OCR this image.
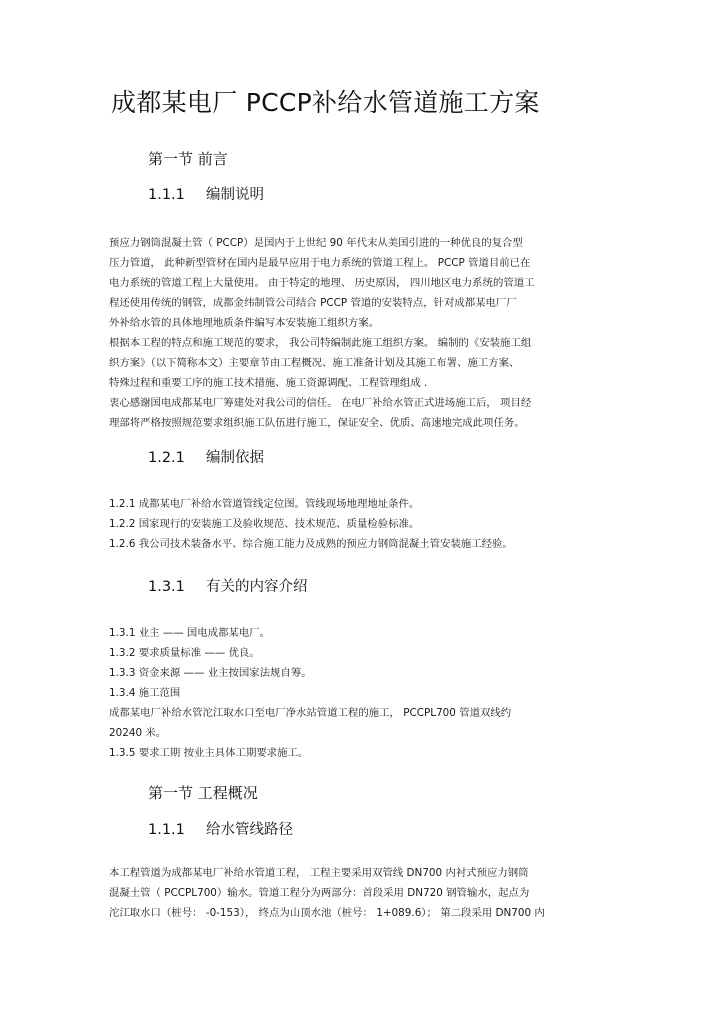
成都某电厂 PCCP补给水管道施工方案
第一节 前言
1.1.1 编制说明
预应力钢筒混凝土管（ PCCP）是国内于上世纪 90 年代末从美国引进的一种优良的复合型
压力管道， 此种新型管材在国内是最早应用于电力系统的管道工程上。 PCCP 管道目前已在
电力系统的管道工程上大量使用。 由于特定的地理、 历史原因， 四川地区电力系统的管道工
程还使用传统的钢管，成都金纬制管公司结合 PCCP 管道的安装特点，针对成都某电厂厂
外补给水管的具体地理地质条件编写本安装施工组织方案。
根据本工程的特点和施工规范的要求， 我公司特编制此施工组织方案。 编制的《安装施工组
织方案》（以下简称本文）主要章节由工程概况、施工准备计划及其施工布署、施工方案、
特殊过程和重要工序的施工技术措施、施工资源调配、工程管理组成 .
衷心感谢国电成都某电厂筹建处对我公司的信任。 在电厂补给水管正式进场施工后， 项目经
理部将严格按照规范要求组织施工队伍进行施工，保证安全、优质、高速地完成此项任务。
1.2.1 编制依据
1.2.1 成都某电厂补给水管道管线定位图。管线现场地理地址条件。
1.2.2 国家现行的安装施工及验收规范、技术规范、质量检验标准。
1.2.6 我公司技术装备水平、综合施工能力及成熟的预应力钢筒混凝土管安装施工经验。
1.3.1 有关的内容介绍
1.3.1 业主 —— 国电成都某电厂。
1.3.2 要求质量标准 —— 优良。
1.3.3 资金来源 —— 业主按国家法规自筹。
1.3.4 施工范围
成都某电厂补给水管沱江取水口至电厂净水站管道工程的施工， PCCPL700 管道双线约
20240 米。
1.3.5 要求工期 按业主具体工期要求施工。
第一节 工程概况
1.1.1 给水管线路径
本工程管道为成都某电厂补给水管道工程， 工程主要采用双管线 DN700 内衬式预应力钢筒
混凝土管（ PCCPL700）输水。管道工程分为两部分：首段采用 DN720 钢管输水，起点为
沱江取水口（桩号： -0-153）， 终点为山顶水池（桩号： 1+089.6）； 第二段采用 DN700 内
